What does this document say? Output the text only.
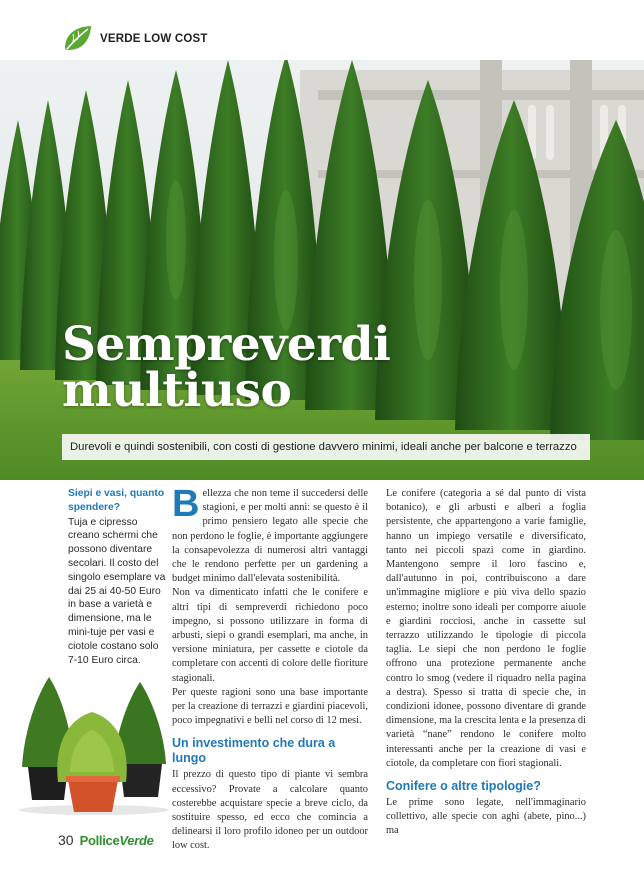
VERDE LOW COST
Sempreverdi
multiuso
Durevoli e quindi sostenibili, con costi di gestione davvero minimi, ideali anche per balcone e terrazzo

Siepi e vasi, quanto spendere?

Tuja e cipresso creano schermi che possono diventare secolari. Il costo del singolo esemplare va dai 25 ai 40-50 Euro in base a varietà e dimensione, ma le mini-tuje per vasi e ciotole costano solo 7-10 Euro circa.

B ellezza che non teme il succedersi delle stagioni, e per molti anni: se questo è il primo pensiero legato alle specie che non perdono le foglie, è importante aggiungere la consapevolezza di numerosi altri vantaggi che le rendono perfette per un gardening a budget minimo dall'elevata sostenibilità.

Non va dimenticato infatti che le conifere e altri tipi di sempreverdi richiedono poco impegno, si possono utilizzare in forma di arbusti, siepi o grandi esemplari, ma anche, in versione miniatura, per cassette e ciotole da completare con accenti di colore delle fioriture stagionali.

Per queste ragioni sono una base importante per la creazione di terrazzi e giardini piacevoli, poco impegnativi e belli nel corso di 12 mesi.

Un investimento che dura a lungo

Il prezzo di questo tipo di piante vi sembra eccessivo? Provate a calcolare quanto costerebbe acquistare specie a breve ciclo, da sostituire spesso, ed ecco che comincia a delinearsi il loro profilo idoneo per un outdoor low cost.

Le conifere (categoria a sé dal punto di vista botanico), e gli arbusti e alberi a foglia persistente, che appartengono a varie famiglie, hanno un impiego versatile e diversificato, tanto nei piccoli spazi come in giardino. Mantengono sempre il loro fascino e, dall'autunno in poi, contribuiscono a dare un'immagine migliore e più viva dello spazio esterno; inoltre sono ideali per comporre aiuole e giardini rocciosi, anche in cassette sul terrazzo utilizzando le tipologie di piccola taglia. Le siepi che non perdono le foglie offrono una protezione permanente anche contro lo smog (vedere il riquadro nella pagina a destra). Spesso si tratta di specie che, in condizioni idonee, possono diventare di grande dimensione, ma la crescita lenta e la presenza di varietà “nane” rendono le conifere molto interessanti anche per la creazione di vasi e ciotole, da completare con fiori stagionali.

Conifere o altre tipologie?

Le prime sono legate, nell'immaginario collettivo, alle specie con aghi (abete, pino...) ma

30 PolliceVerde
